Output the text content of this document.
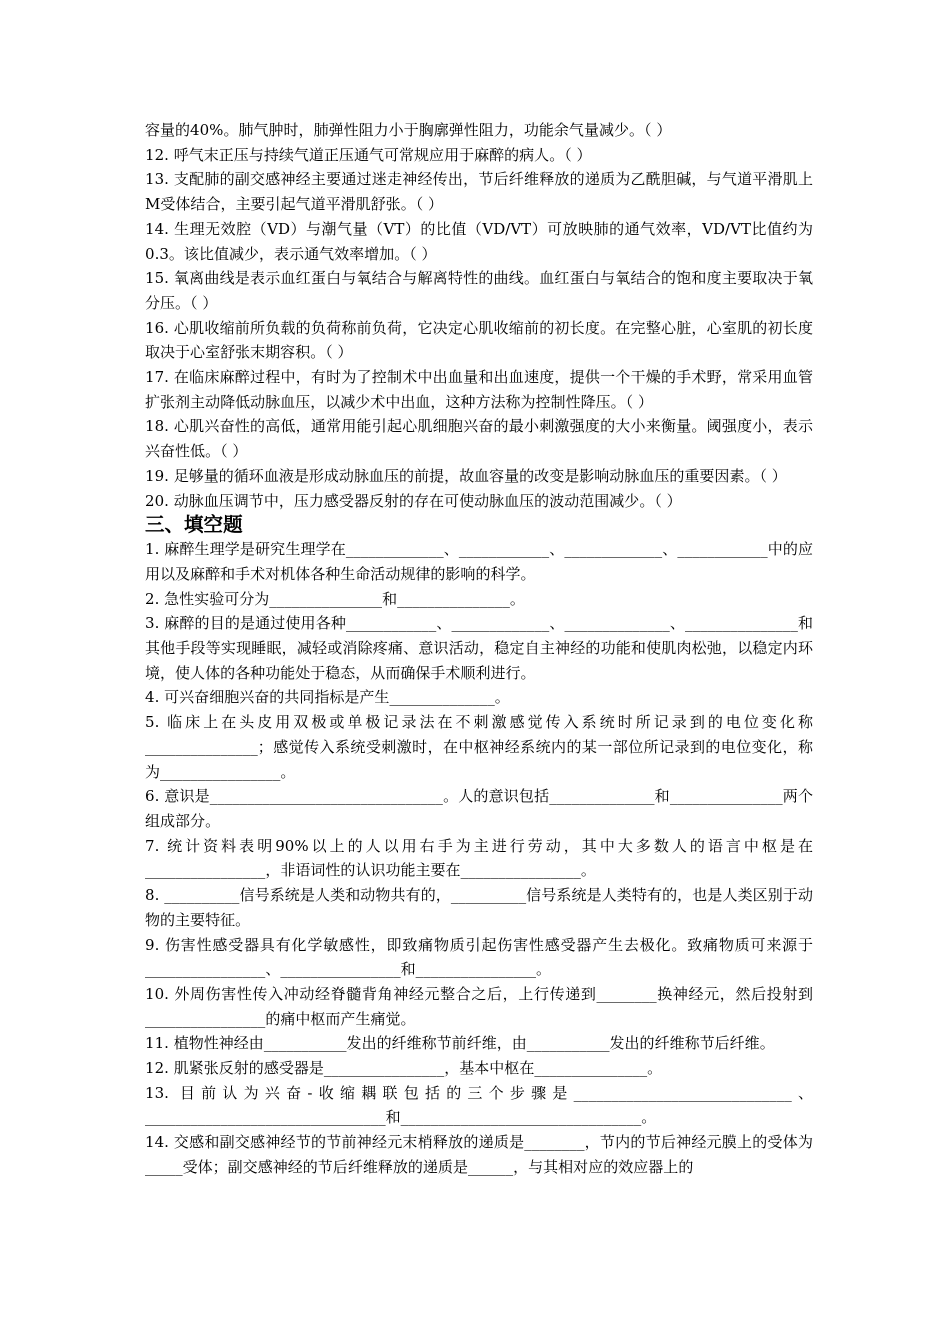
容量的40%。肺气肿时，肺弹性阻力小于胸廓弹性阻力，功能余气量减少。（ ）

12. 呼气末正压与持续气道正压通气可常规应用于麻醉的病人。（ ）

13. 支配肺的副交感神经主要通过迷走神经传出，节后纤维释放的递质为乙酰胆碱，与气道平滑肌上M受体结合，主要引起气道平滑肌舒张。（ ）

14. 生理无效腔（VD）与潮气量（VT）的比值（VD/VT）可放映肺的通气效率，VD/VT比值约为0.3。该比值减少，表示通气效率增加。（ ）

15. 氧离曲线是表示血红蛋白与氧结合与解离特性的曲线。血红蛋白与氧结合的饱和度主要取决于氧分压。（ ）

16. 心肌收缩前所负载的负荷称前负荷，它决定心肌收缩前的初长度。在完整心脏，心室肌的初长度取决于心室舒张末期容积。（ ）

17. 在临床麻醉过程中，有时为了控制术中出血量和出血速度，提供一个干燥的手术野，常采用血管扩张剂主动降低动脉血压，以减少术中出血，这种方法称为控制性降压。（ ）

18. 心肌兴奋性的高低，通常用能引起心肌细胞兴奋的最小刺激强度的大小来衡量。阈强度小，表示兴奋性低。（ ）

19. 足够量的循环血液是形成动脉血压的前提，故血容量的改变是影响动脉血压的重要因素。（ ）

20. 动脉血压调节中，压力感受器反射的存在可使动脉血压的波动范围减少。（ ）

三、填空题

1. 麻醉生理学是研究生理学在_____________、____________、_____________、____________中的应用以及麻醉和手术对机体各种生命活动规律的影响的科学。

2. 急性实验可分为_______________和_______________。

3. 麻醉的目的是通过使用各种____________、_____________、______________、_______________和其他手段等实现睡眠，减轻或消除疼痛、意识活动，稳定自主神经的功能和使肌肉松弛，以稳定内环境，使人体的各种功能处于稳态，从而确保手术顺利进行。

4. 可兴奋细胞兴奋的共同指标是产生______________。

5. 临床上在头皮用双极或单极记录法在不刺激感觉传入系统时所记录到的电位变化称_______________；感觉传入系统受刺激时，在中枢神经系统内的某一部位所记录到的电位变化，称为________________。

6. 意识是_______________________________。人的意识包括______________和_______________两个组成部分。

7. 统计资料表明90%以上的人以用右手为主进行劳动，其中大多数人的语言中枢是在________________，非语词性的认识功能主要在________________。

8. __________信号系统是人类和动物共有的，__________信号系统是人类特有的，也是人类区别于动物的主要特征。

9. 伤害性感受器具有化学敏感性，即致痛物质引起伤害性感受器产生去极化。致痛物质可来源于________________、________________和________________。

10. 外周伤害性传入冲动经脊髓背角神经元整合之后，上行传递到________换神经元，然后投射到________________的痛中枢而产生痛觉。

11. 植物性神经由___________发出的纤维称节前纤维，由___________发出的纤维称节后纤维。

12. 肌紧张反射的感受器是________________，基本中枢在_______________。

13. 目前认为兴奋-收缩耦联包括的三个步骤是_____________________________、________________________________和________________________________。

14. 交感和副交感神经节的节前神经元末梢释放的递质是________，节内的节后神经元膜上的受体为_____受体；副交感神经的节后纤维释放的递质是______，与其相对应的效应器上的
